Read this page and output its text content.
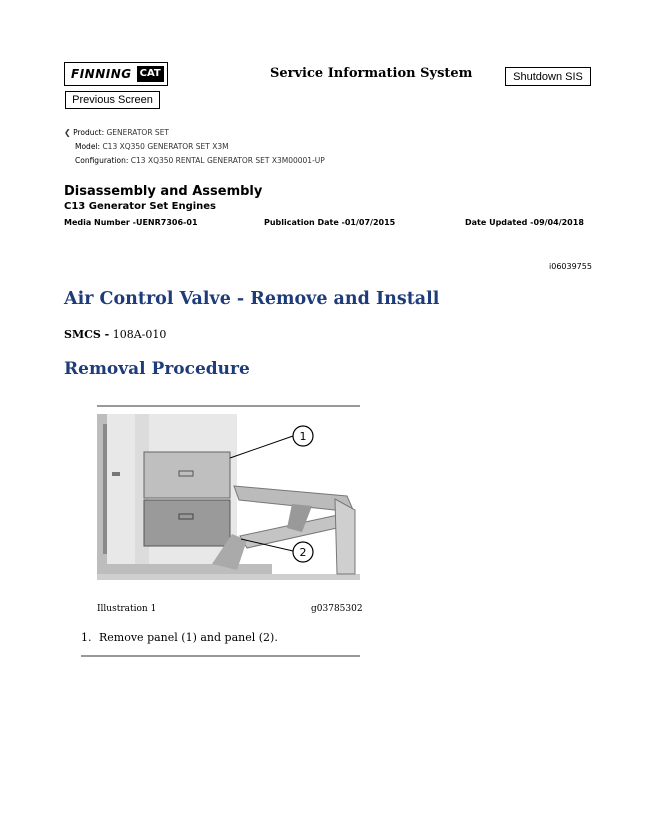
FINNING CAT	Service Information System	Shutdown SIS
Previous Screen
❮ Product: GENERATOR SET
Model: C13 XQ350 GENERATOR SET X3M
Configuration: C13 XQ350 RENTAL GENERATOR SET X3M00001-UP
Disassembly and Assembly
C13 Generator Set Engines
Media Number -UENR7306-01	Publication Date -01/07/2015	Date Updated -09/04/2018
i06039755
Air Control Valve - Remove and Install
SMCS - 108A-010
Removal Procedure
1
2
Illustration 1	g03785302
1. Remove panel (1) and panel (2).
